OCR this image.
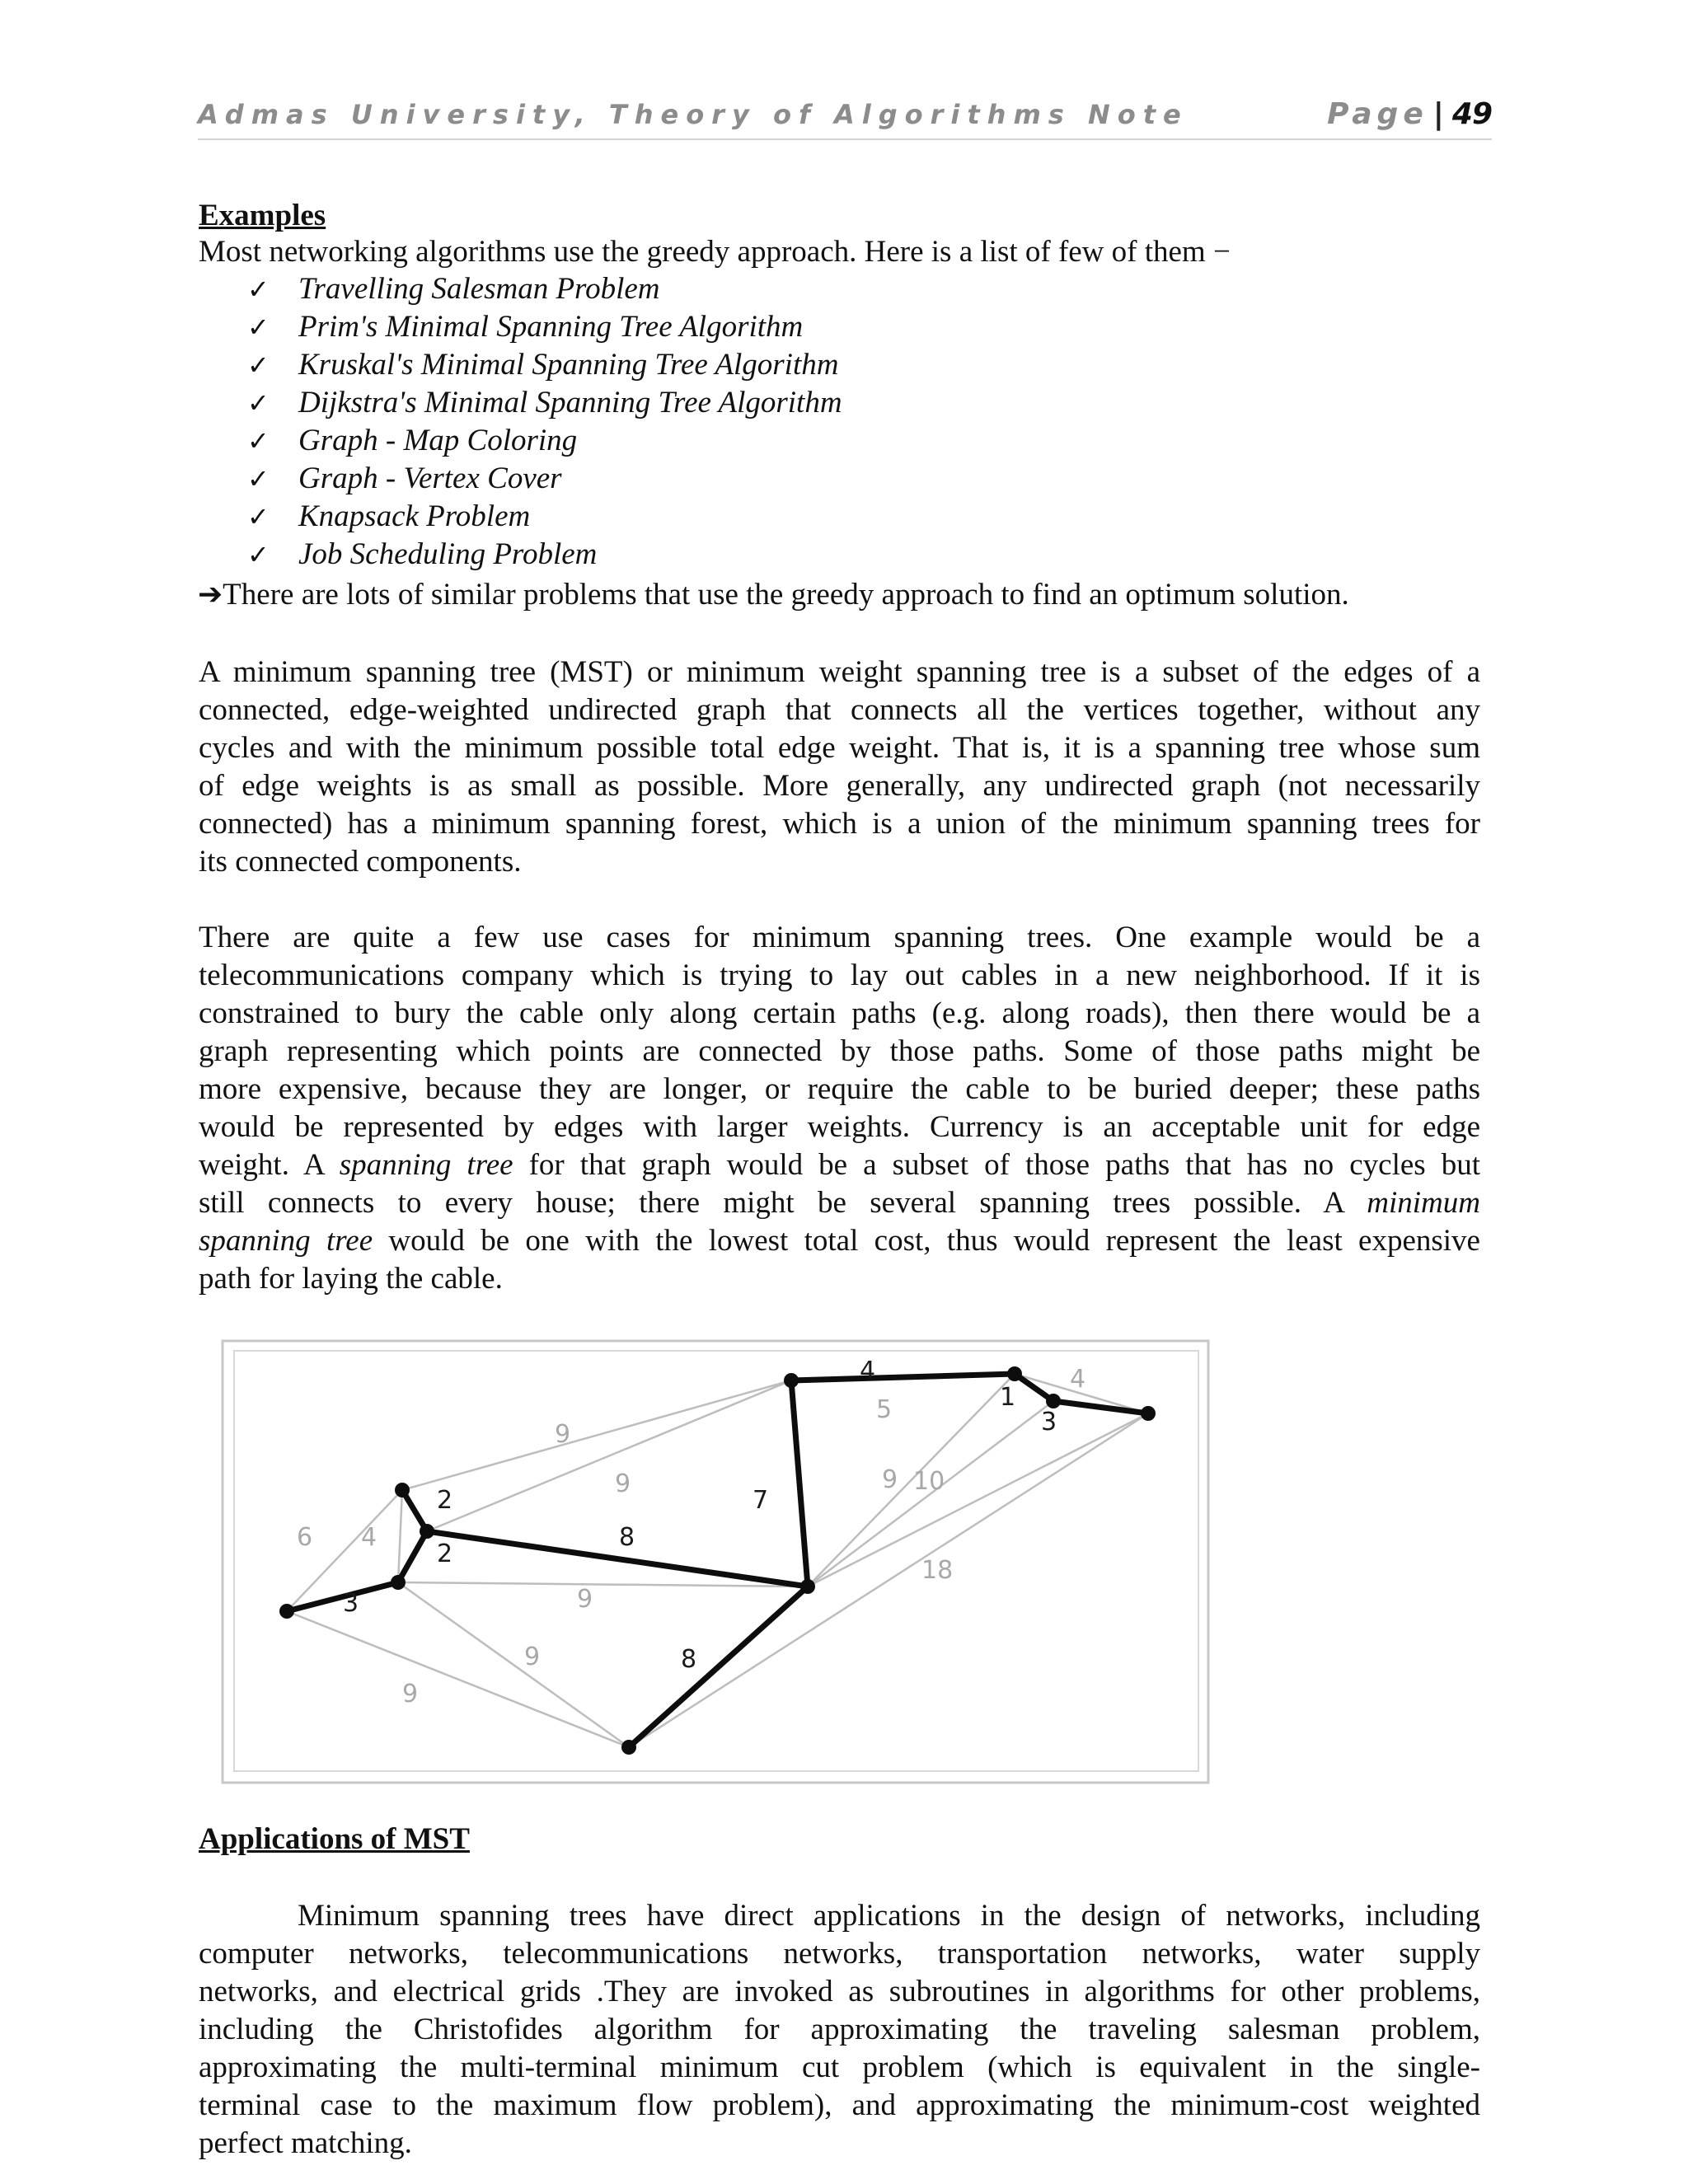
Admas University, Theory of Algorithms Note	Page | 49
Examples
Most networking algorithms use the greedy approach. Here is a list of few of them −
✓ Travelling Salesman Problem
✓ Prim's Minimal Spanning Tree Algorithm
✓ Kruskal's Minimal Spanning Tree Algorithm
✓ Dijkstra's Minimal Spanning Tree Algorithm
✓ Graph - Map Coloring
✓ Graph - Vertex Cover
✓ Knapsack Problem
✓ Job Scheduling Problem
➔There are lots of similar problems that use the greedy approach to find an optimum solution.
A minimum spanning tree (MST) or minimum weight spanning tree is a subset of the edges of a
connected, edge-weighted undirected graph that connects all the vertices together, without any
cycles and with the minimum possible total edge weight. That is, it is a spanning tree whose sum
of edge weights is as small as possible. More generally, any undirected graph (not necessarily
connected) has a minimum spanning forest, which is a union of the minimum spanning trees for
its connected components.
There are quite a few use cases for minimum spanning trees. One example would be a
telecommunications company which is trying to lay out cables in a new neighborhood. If it is
constrained to bury the cable only along certain paths (e.g. along roads), then there would be a
graph representing which points are connected by those paths. Some of those paths might be
more expensive, because they are longer, or require the cable to be buried deeper; these paths
would be represented by edges with larger weights. Currency is an acceptable unit for edge
weight. A spanning tree for that graph would be a subset of those paths that has no cycles but
still connects to every house; there might be several spanning trees possible. A minimum
spanning tree would be one with the lowest total cost, thus would represent the least expensive
path for laying the cable.
4
1
4
5	3
9
9
7
9 10
2
6 4	8
2
18
3	9
9	8
9
Applications of MST
Minimum spanning trees have direct applications in the design of networks, including
computer networks, telecommunications networks, transportation networks, water supply
networks, and electrical grids .They are invoked as subroutines in algorithms for other problems,
including the Christofides algorithm for approximating the traveling salesman problem,
approximating the multi-terminal minimum cut problem (which is equivalent in the single-
terminal case to the maximum flow problem), and approximating the minimum-cost weighted
perfect matching.
